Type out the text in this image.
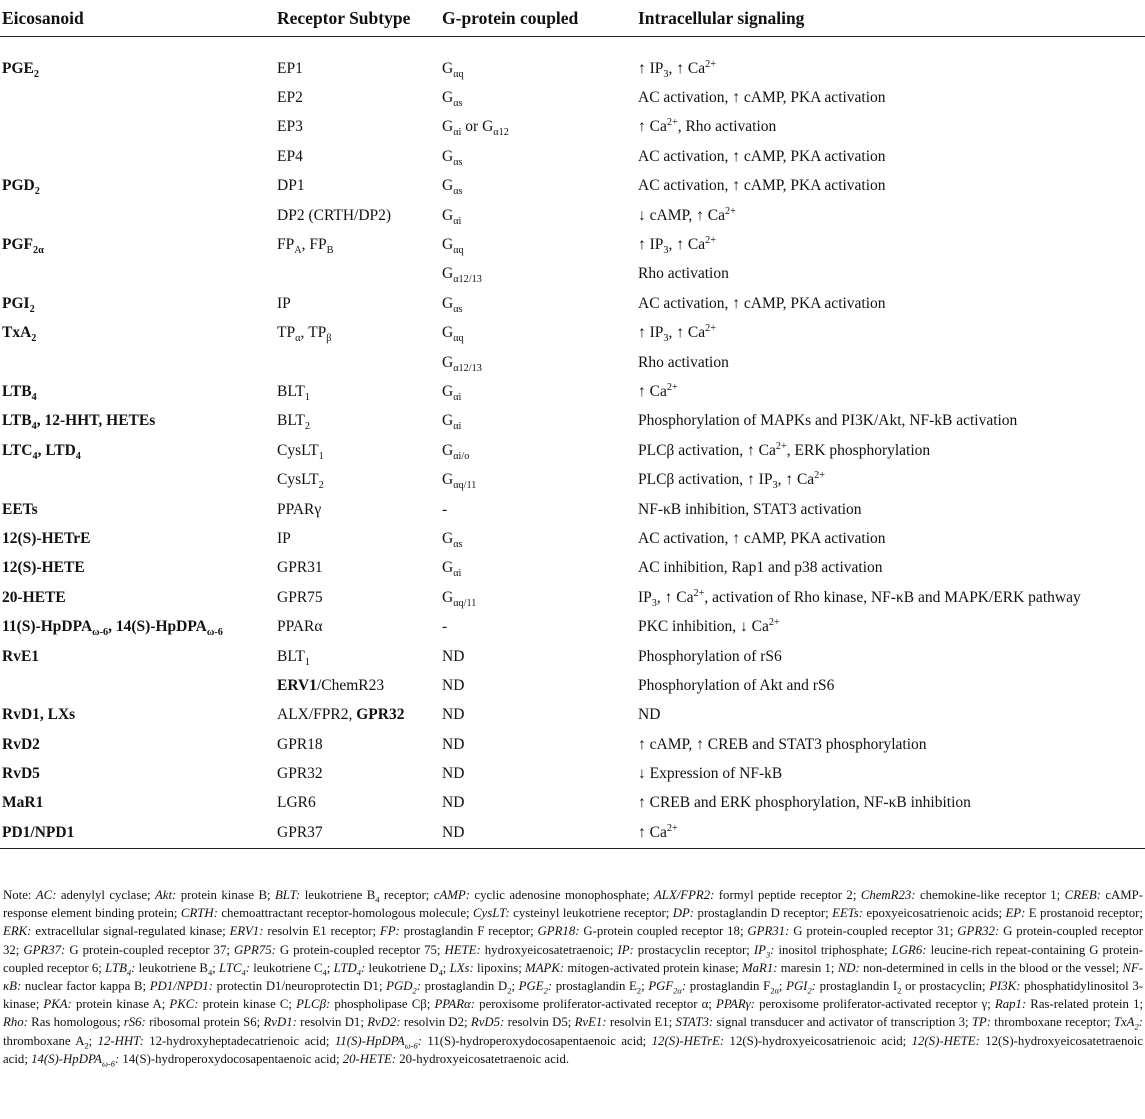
Eicosanoid	Receptor Subtype	G-protein coupled	Intracellular signaling

$PGE_2$	EP1	$G_{\alpha q}$	↑ $IP_3$, ↑ $Ca^{2+}$
	EP2	$G_{\alpha s}$	AC activation, ↑ cAMP, PKA activation
	EP3	$G_{\alpha i}$ or $G_{\alpha 12}$	↑ $Ca^{2+}$, Rho activation
	EP4	$G_{\alpha s}$	AC activation, ↑ cAMP, PKA activation
$PGD_2$	DP1	$G_{\alpha s}$	AC activation, ↑ cAMP, PKA activation
	DP2 (CRTH/DP2)	$G_{\alpha i}$	↓ cAMP, ↑ $Ca^{2+}$
$PGF_{2\alpha}$	$FP_A$, $FP_B$	$G_{\alpha q}$	↑ $IP_3$, ↑ $Ca^{2+}$
		$G_{\alpha 12/13}$	Rho activation
$PGI_2$	IP	$G_{\alpha s}$	AC activation, ↑ cAMP, PKA activation
TxA$_2$	$TP_\alpha$, $TP_\beta$	$G_{\alpha q}$	↑ $IP_3$, ↑ $Ca^{2+}$
		$G_{\alpha 12/13}$	Rho activation
$LTB_4$	$BLT_1$	$G_{\alpha i}$	↑ $Ca^{2+}$
$LTB_4$, 12-HHT, HETEs	$BLT_2$	$G_{\alpha i}$	Phosphorylation of MAPKs and PI3K/Akt, NF-kB activation
$LTC_4$, $LTD_4$	CysLT$_1$	$G_{\alpha i/o}$	PLCβ activation, ↑ $Ca^{2+}$, ERK phosphorylation
	CysLT$_2$	$G_{\alpha q/11}$	PLCβ activation, ↑ $IP_3$, ↑ $Ca^{2+}$
EETs	PPARγ	-	NF-κB inhibition, STAT3 activation
12(S)-HETrE	IP	$G_{\alpha s}$	AC activation, ↑ cAMP, PKA activation
12(S)-HETE	GPR31	$G_{\alpha i}$	AC inhibition, Rap1 and p38 activation
20-HETE	GPR75	$G_{\alpha q/11}$	$IP_3$, ↑ $Ca^{2+}$, activation of Rho kinase, NF-κB and MAPK/ERK pathway
11(S)-HpDPA$_{\omega-6}$, 14(S)-HpDPA$_{\omega-6}$	PPARα	-	PKC inhibition, ↓ $Ca^{2+}$
RvE1	$BLT_1$	ND	Phosphorylation of rS6
	ERV1/ChemR23	ND	Phosphorylation of Akt and rS6
RvD1, LXs	ALX/FPR2, GPR32	ND	ND
RvD2	GPR18	ND	↑ cAMP, ↑ CREB and STAT3 phosphorylation
RvD5	GPR32	ND	↓ Expression of NF-kB
MaR1	LGR6	ND	↑ CREB and ERK phosphorylation, NF-κB inhibition
PD1/NPD1	GPR37	ND	↑ $Ca^{2+}$
Note: AC: adenylyl cyclase; Akt: protein kinase B; BLT: leukotriene $B_4$ receptor; cAMP: cyclic adenosine monophosphate; ALX/FPR2: formyl peptide receptor 2; ChemR23: chemokine-like receptor 1; CREB: cAMP-response element binding protein; CRTH: chemoattractant receptor-homologous molecule; CysLT: cysteinyl leukotriene receptor; DP: prostaglandin D receptor; EETs: epoxyeicosatrienoic acids; EP: E prostanoid receptor; ERK: extracellular signal-regulated kinase; ERV1: resolvin E1 receptor; FP: prostaglandin F receptor; GPR18: G-protein coupled receptor 18; GPR31: G protein-coupled receptor 31; GPR32: G protein-coupled receptor 32; GPR37: G protein-coupled receptor 37; GPR75: G protein-coupled receptor 75; HETE: hydroxyeicosatetraenoic; IP: prostacyclin receptor; $IP_3$: inositol triphosphate; LGR6: leucine-rich repeat-containing G protein-coupled receptor 6; $LTB_4$: leukotriene $B_4$; $LTC_4$: leukotriene $C_4$; $LTD_4$: leukotriene $D_4$; LXs: lipoxins; MAPK: mitogen-activated protein kinase; MaR1: maresin 1; ND: non-determined in cells in the blood or the vessel; NF-κB: nuclear factor kappa B; PD1/NPD1: protectin D1/neuroprotectin D1; $PGD_2$: prostaglandin $D_2$; $PGE_2$: prostaglandin $E_2$; $PGF_{2\alpha}$: prostaglandin $F_{2\alpha}$; $PGI_2$: prostaglandin $I_2$ or prostacyclin; PI3K: phosphatidylinositol 3-kinase; PKA: protein kinase A; PKC: protein kinase C; PLCβ: phospholipase Cβ; PPARα: peroxisome proliferator-activated receptor α; PPARγ: peroxisome proliferator-activated receptor γ; Rap1: Ras-related protein 1; Rho: Ras homologous; rS6: ribosomal protein S6; RvD1: resolvin D1; RvD2: resolvin D2; RvD5: resolvin D5; RvE1: resolvin E1; STAT3: signal transducer and activator of transcription 3; TP: thromboxane receptor; TxA$_2$: thromboxane $A_2$; 12-HHT: 12-hydroxyheptadecatrienoic acid; 11(S)-HpDPA$_{\omega-6}$: 11(S)-hydroperoxydocosapentaenoic acid; 12(S)-HETrE: 12(S)-hydroxyeicosatrienoic acid; 12(S)-HETE: 12(S)-hydroxyeicosatetraenoic acid; 14(S)-HpDPA$_{\omega-6}$: 14(S)-hydroperoxydocosapentaenoic acid; 20-HETE: 20-hydroxyeicosatetraenoic acid.
